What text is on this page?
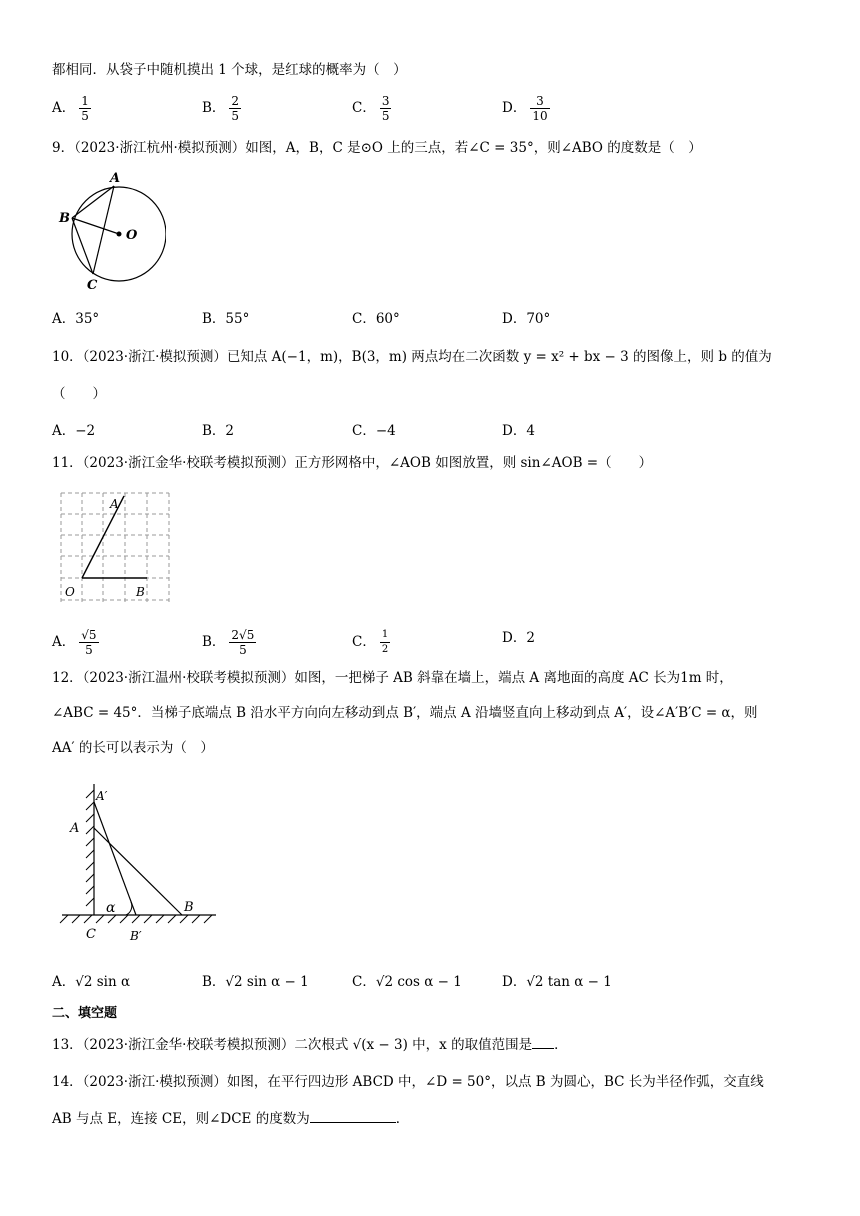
都相同．从袋子中随机摸出 1 个球，是红球的概率为（　）
A． $\frac{1}{5}$	B． $\frac{2}{5}$	C． $\frac{3}{5}$	D． $\frac{3}{10}$
9．（2023·浙江杭州·模拟预测）如图，A，B，C 是⊙O 上的三点，若∠C = 35°，则∠ABO 的度数是（　）
A
B
O
C
A．35°	B．55°	C．60°	D．70°
10．（2023·浙江·模拟预测）已知点 A(−1，m)，B(3，m) 两点均在二次函数 y = x² + bx − 3 的图像上，则 b 的值为
（　　）
A．−2	B．2	C．−4	D．4
11．（2023·浙江金华·校联考模拟预测）正方形网格中，∠AOB 如图放置，则 sin∠AOB =（　　）
A
O	B
A． $\frac{√5}{5}$	B． $\frac{2√5}{5}$	C． $\frac{1}{2}$	D．2
12．（2023·浙江温州·校联考模拟预测）如图，一把梯子 AB 斜靠在墙上，端点 A 离地面的高度 AC 长为1m 时，
∠ABC = 45°．当梯子底端点 B 沿水平方向向左移动到点 B′，端点 A 沿墙竖直向上移动到点 A′，设∠A′B′C = α，则
AA′ 的长可以表示为（　）
A′
A
α	B
C	B′
A．√2 sin α	B．√2 sin α − 1	C．√2 cos α − 1	D．√2 tan α − 1
二、填空题
13．（2023·浙江金华·校联考模拟预测）二次根式 √(x − 3) 中，x 的取值范围是 ．
14．（2023·浙江·模拟预测）如图，在平行四边形 ABCD 中，∠D = 50°，以点 B 为圆心，BC 长为半径作弧，交直线
AB 与点 E，连接 CE，则∠DCE 的度数为	．
